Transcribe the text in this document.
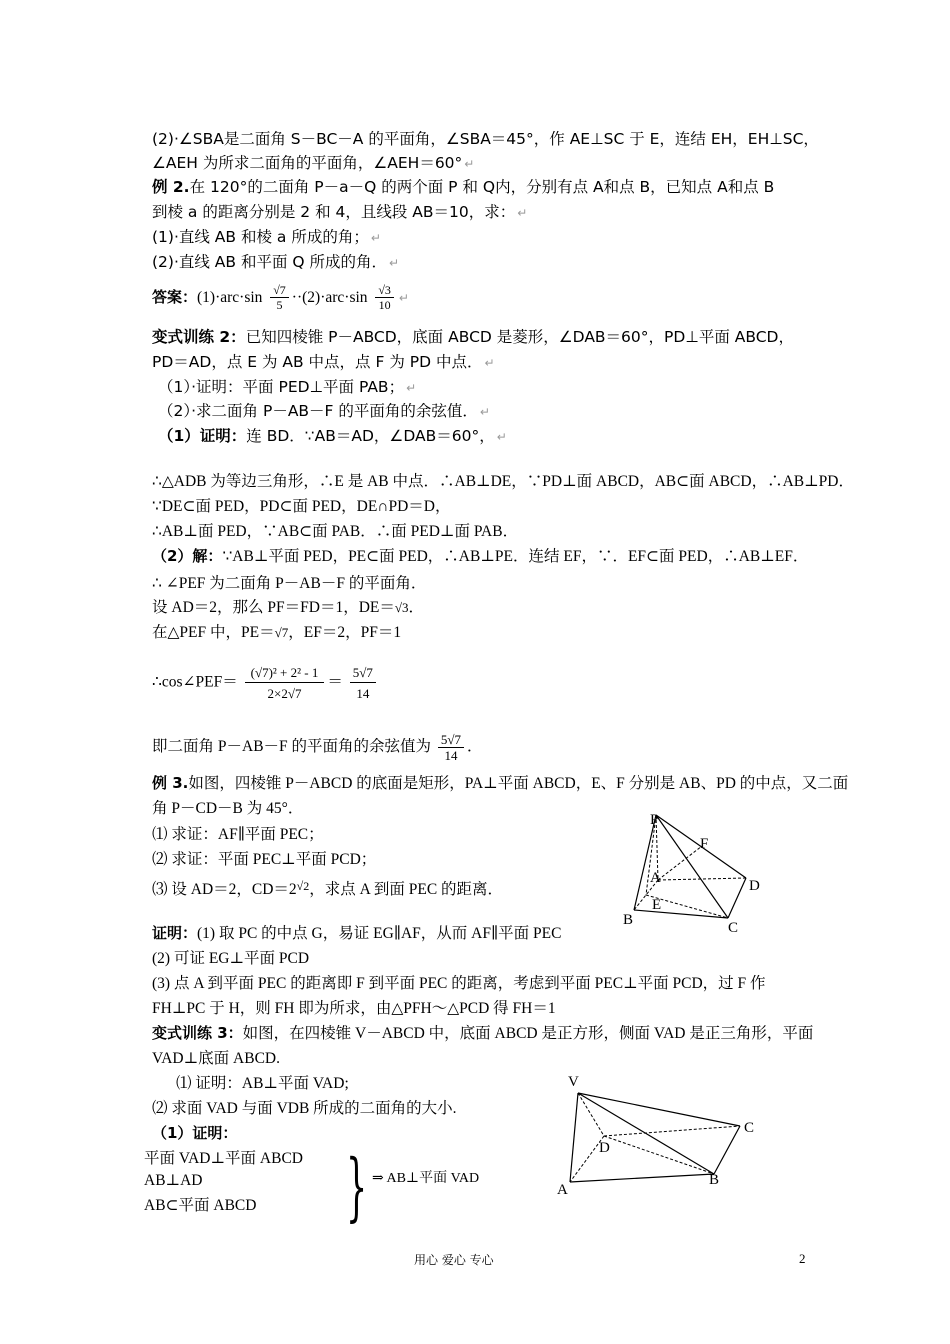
(2)·∠SBA是二面角 S－BC－A 的平面角，∠SBA＝45°，作 AE⊥SC 于 E，连结 EH，EH⊥SC，
∠AEH 为所求二面角的平面角，∠AEH＝60° ↵
例 2.在 120°的二面角 P－a－Q 的两个面 P 和 Q内，分别有点 A和点 B，已知点 A和点 B
到棱 a 的距离分别是 2 和 4，且线段 AB＝10，求： ↵
(1)·直线 AB 和棱 a 所成的角； ↵
(2)·直线 AB 和平面 Q 所成的角． ↵
答案：$(1)\cdot arc\cdot\sin \frac{√7}{5} \cdot\cdot(2)\cdot arc\cdot\sin \frac{√3}{10}$ ↵
变式训练 2：已知四棱锥 P－ABCD，底面 ABCD 是菱形，∠DAB＝60°，PD⊥平面 ABCD，
PD＝AD，点 E 为 AB 中点，点 F 为 PD 中点． ↵
（1）·证明：平面 PED⊥平面 PAB； ↵
（2）·求二面角 P－AB－F 的平面角的余弦值． ↵
（1）证明：连 BD．∵AB＝AD，∠DAB＝60°， ↵
∴△ADB 为等边三角形，∴E 是 AB 中点．∴AB⊥DE，∵PD⊥面 ABCD，AB⊂面 ABCD，∴AB⊥PD．
∵DE⊂面 PED，PD⊂面 PED，DE∩PD＝D，
∴AB⊥面 PED，∵AB⊂面 PAB．∴面 PED⊥面 PAB．
（2）解：∵AB⊥平面 PED，PE⊂面 PED，∴AB⊥PE．连结 EF，∵．EF⊂面 PED，∴AB⊥EF．
∴ ∠PEF 为二面角 P－AB－F 的平面角．
设 AD＝2，那么 PF＝FD＝1，DE＝√3．
在△PEF 中，PE＝√7，EF＝2，PF＝1
∴cos∠PEF＝ $\frac{\text{(√7)² + 2² - 1}}{2\times 2√7} = \frac{5√7}{14}$
即二面角 P－AB－F 的平面角的余弦值为 $\frac{5√7}{14}$ ．
例 3.如图，四棱锥 P－ABCD 的底面是矩形，PA⊥平面 ABCD，E、F 分别是 AB、PD 的中点，又二面
角 P－CD－B 为 45°．
⑴ 求证：AF∥平面 PEC；
⑵ 求证：平面 PEC⊥平面 PCD；
⑶ 设 AD＝2，$CD=2^{√2}$，求点 A 到面 PEC 的距离．
证明：(1) 取 PC 的中点 G，易证 EG∥AF，从而 AF∥平面 PEC
(2) 可证 EG⊥平面 PCD
(3) 点 A 到平面 PEC 的距离即 F 到平面 PEC 的距离，考虑到平面 PEC⊥平面 PCD，过 F 作
FH⊥PC 于 H，则 FH 即为所求，由△PFH～△PCD 得 FH＝1
变式训练 3：如图，在四棱锥 V－ABCD 中，底面 ABCD 是正方形，侧面 VAD 是正三角形，平面
VAD⊥底面 ABCD.
⑴ 证明：AB⊥平面 VAD;
⑵ 求面 VAD 与面 VDB 所成的二面角的大小.
（1）证明：
平面 VAD⊥平面 ABCD
AB⊥AD
AB⊂平面 ABCD } ⇒ AB⊥平面 VAD
P
F
A	D
E
B	C
V
C
D
A
B
用心 爱心 专心	2
